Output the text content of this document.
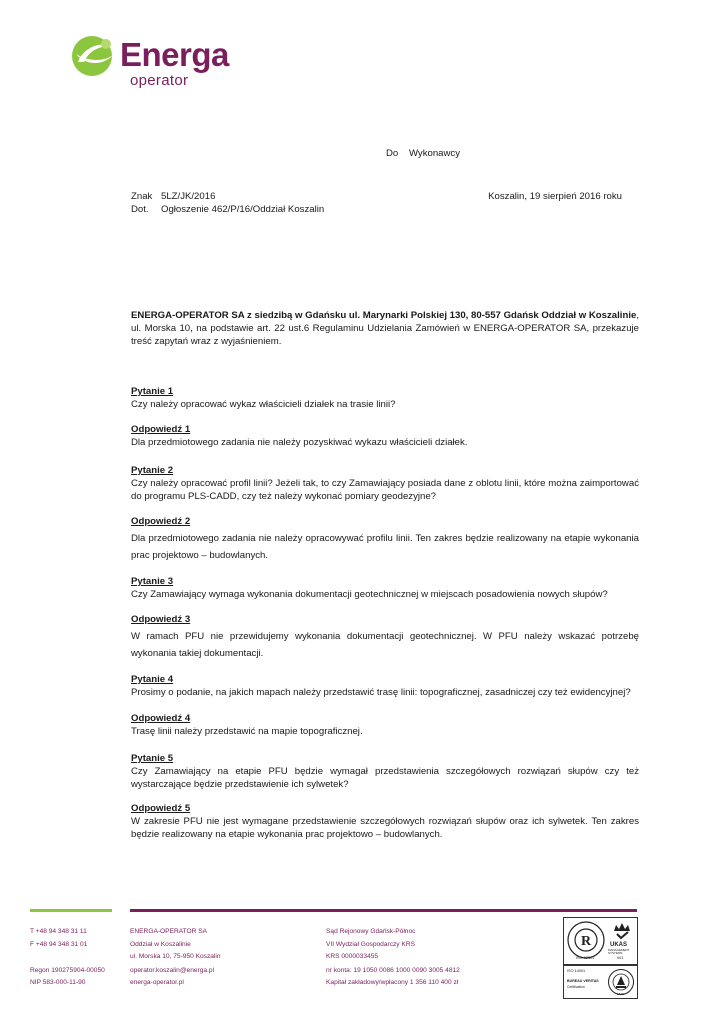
Energa
operator
Do Wykonawcy
Znak 5LZ/JK/2016	Koszalin, 19 sierpień 2016 roku
Dot. Ogłoszenie 462/P/16/Oddział Koszalin
ENERGA-OPERATOR SA z siedzibą w Gdańsku ul. Marynarki Polskiej 130, 80-557 Gdańsk Oddział w Koszalinie, ul. Morska 10, na podstawie art. 22 ust.6 Regulaminu Udzielania Zamówień w ENERGA-OPERATOR SA, przekazuje treść zapytań wraz z wyjaśnieniem.
Pytanie 1
Czy należy opracować wykaz właścicieli działek na trasie linii?
Odpowiedź 1
Dla przedmiotowego zadania nie należy pozyskiwać wykazu właścicieli działek.
Pytanie 2
Czy należy opracować profil linii? Jeżeli tak, to czy Zamawiający posiada dane z oblotu linii, które można zaimportować do programu PLS-CADD, czy też należy wykonać pomiary geodezyjne?
Odpowiedź 2
Dla przedmiotowego zadania nie należy opracowywać profilu linii. Ten zakres będzie realizowany na etapie wykonania prac projektowo – budowlanych.
Pytanie 3
Czy Zamawiający wymaga wykonania dokumentacji geotechnicznej w miejscach posadowienia nowych słupów?
Odpowiedź 3
W ramach PFU nie przewidujemy wykonania dokumentacji geotechnicznej. W PFU należy wskazać potrzebę wykonania takiej dokumentacji.
Pytanie 4
Prosimy o podanie, na jakich mapach należy przedstawić trasę linii: topograficznej, zasadniczej czy też ewidencyjnej?
Odpowiedź 4
Trasę linii należy przedstawić na mapie topograficznej.
Pytanie 5
Czy Zamawiający na etapie PFU będzie wymagał przedstawienia szczegółowych rozwiązań słupów czy też wystarczające będzie przedstawienie ich sylwetek?
Odpowiedź 5
W zakresie PFU nie jest wymagane przedstawienie szczegółowych rozwiązań słupów oraz ich sylwetek. Ten zakres będzie realizowany na etapie wykonania prac projektowo – budowlanych.
T +48 94 348 31 11
F +48 94 348 31 01
Regon 190275904-00050
NIP 583-000-11-90
ENERGA-OPERATOR SA
Oddział w Koszalinie
ul. Morska 10, 75-950 Koszalin
operator.koszalin@energa.pl
energa-operator.pl
Sąd Rejonowy Gdańsk-Północ
VII Wydział Gospodarczy KRS
KRS 0000033455
nr konta: 19 1050 0086 1000 0090 3005 4812
Kapitał zakładowy/wpłacony 1 356 110 400 zł
R	UKAS
MANAGEMENT SYSTEMS
ISO 22301	001
ISO 14001
BUREAU VERITAS
Certification
1828
